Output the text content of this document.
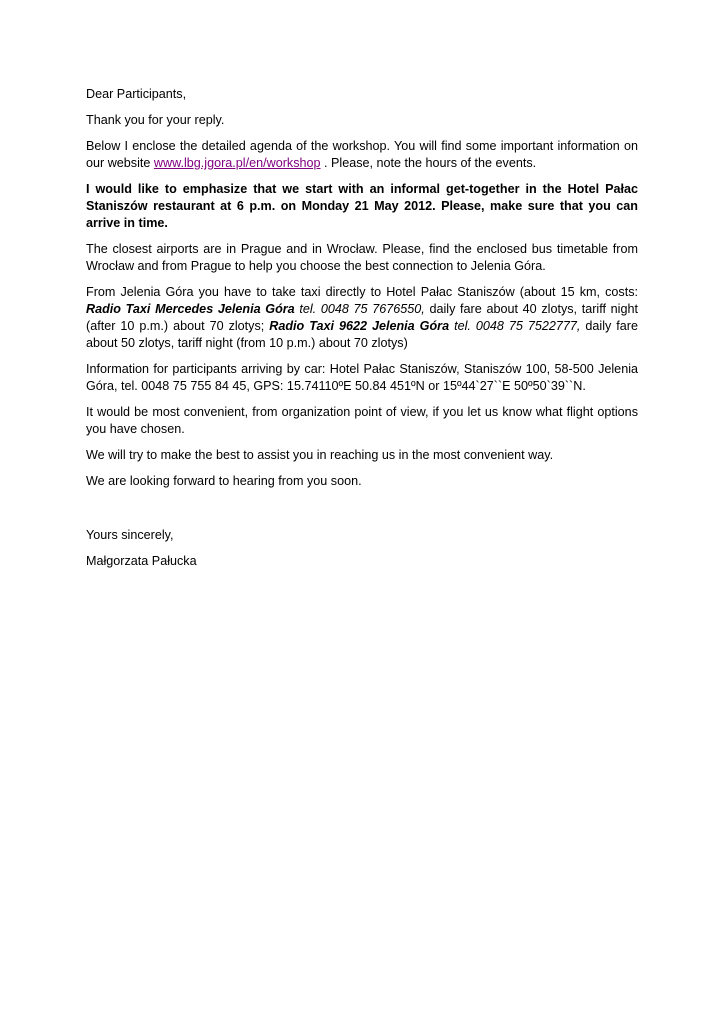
Dear Participants,

Thank you for your reply.

Below I enclose the detailed agenda of the workshop. You will find some important information on our website www.lbg.jgora.pl/en/workshop . Please, note the hours of the events.

I would like to emphasize that we start with an informal get-together in the Hotel Pałac Staniszów restaurant at 6 p.m. on Monday 21 May 2012. Please, make sure that you can arrive in time.

The closest airports are in Prague and in Wrocław. Please, find the enclosed bus timetable from Wrocław and from Prague to help you choose the best connection to Jelenia Góra.

From Jelenia Góra you have to take taxi directly to Hotel Pałac Staniszów (about 15 km, costs: Radio Taxi Mercedes Jelenia Góra tel. 0048 75 7676550, daily fare about 40 zlotys, tariff night (after 10 p.m.) about 70 zlotys; Radio Taxi 9622 Jelenia Góra tel. 0048 75 7522777, daily fare about 50 zlotys, tariff night (from 10 p.m.) about 70 zlotys)

Information for participants arriving by car: Hotel Pałac Staniszów, Staniszów 100, 58-500 Jelenia Góra, tel. 0048 75 755 84 45, GPS: 15.74110ºE 50.84 451ºN or 15º44`27``E 50º50`39``N.

It would be most convenient, from organization point of view, if you let us know what flight options you have chosen.

We will try to make the best to assist you in reaching us in the most convenient way.

We are looking forward to hearing from you soon.

Yours sincerely,

Małgorzata Pałucka
